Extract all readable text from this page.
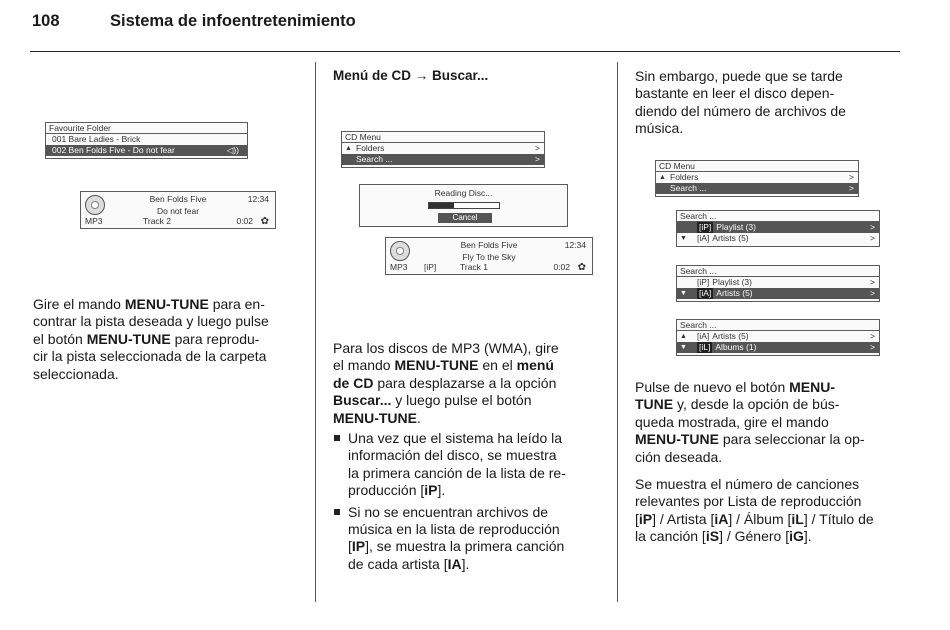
108	Sistema de infoentretenimiento
Favourite Folder
001 Bare Ladies - Brick
002 Ben Folds Five - Do not fear	◁))
Ben Folds Five
Do not fear
12:34
MP3	Track 2	0:02 ✿
Gire el mando MENU-TUNE para en-
contrar la pista deseada y luego pulse
el botón MENU-TUNE para reprodu-
cir la pista seleccionada de la carpeta
seleccionada.
Menú de CD → Buscar...
CD Menu
▲ Folders	>
Search ...	>
Reading Disc...
Cancel
Ben Folds Five
Fly To the Sky
12:34
MP3 [iP]	Track 1	0:02 ✿
Para los discos de MP3 (WMA), gire
el mando MENU-TUNE en el menú
de CD para desplazarse a la opción
Buscar... y luego pulse el botón
MENU-TUNE.
Una vez que el sistema ha leído la
información del disco, se muestra
la primera canción de la lista de re-
producción [iP].
Si no se encuentran archivos de
música en la lista de reproducción
[IP], se muestra la primera canción
de cada artista [IA].
Sin embargo, puede que se tarde
bastante en leer el disco depen-
diendo del número de archivos de
música.
CD Menu
▲ Folders	>
Search ...	>
Search ...
[iP] Playlist (3)	>
▼ [iA] Artists (5)	>
Search ...
[iP] Playlist (3)	>
▼ [iA] Artists (5)	>
Search ...
▲ [iA] Artists (5)	>
▼ [iL] Albums (1)	>
Pulse de nuevo el botón MENU-
TUNE y, desde la opción de bús-
queda mostrada, gire el mando
MENU-TUNE para seleccionar la op-
ción deseada.
Se muestra el número de canciones
relevantes por Lista de reproducción
[iP] / Artista [iA] / Álbum [iL] / Título de
la canción [iS] / Género [iG].
